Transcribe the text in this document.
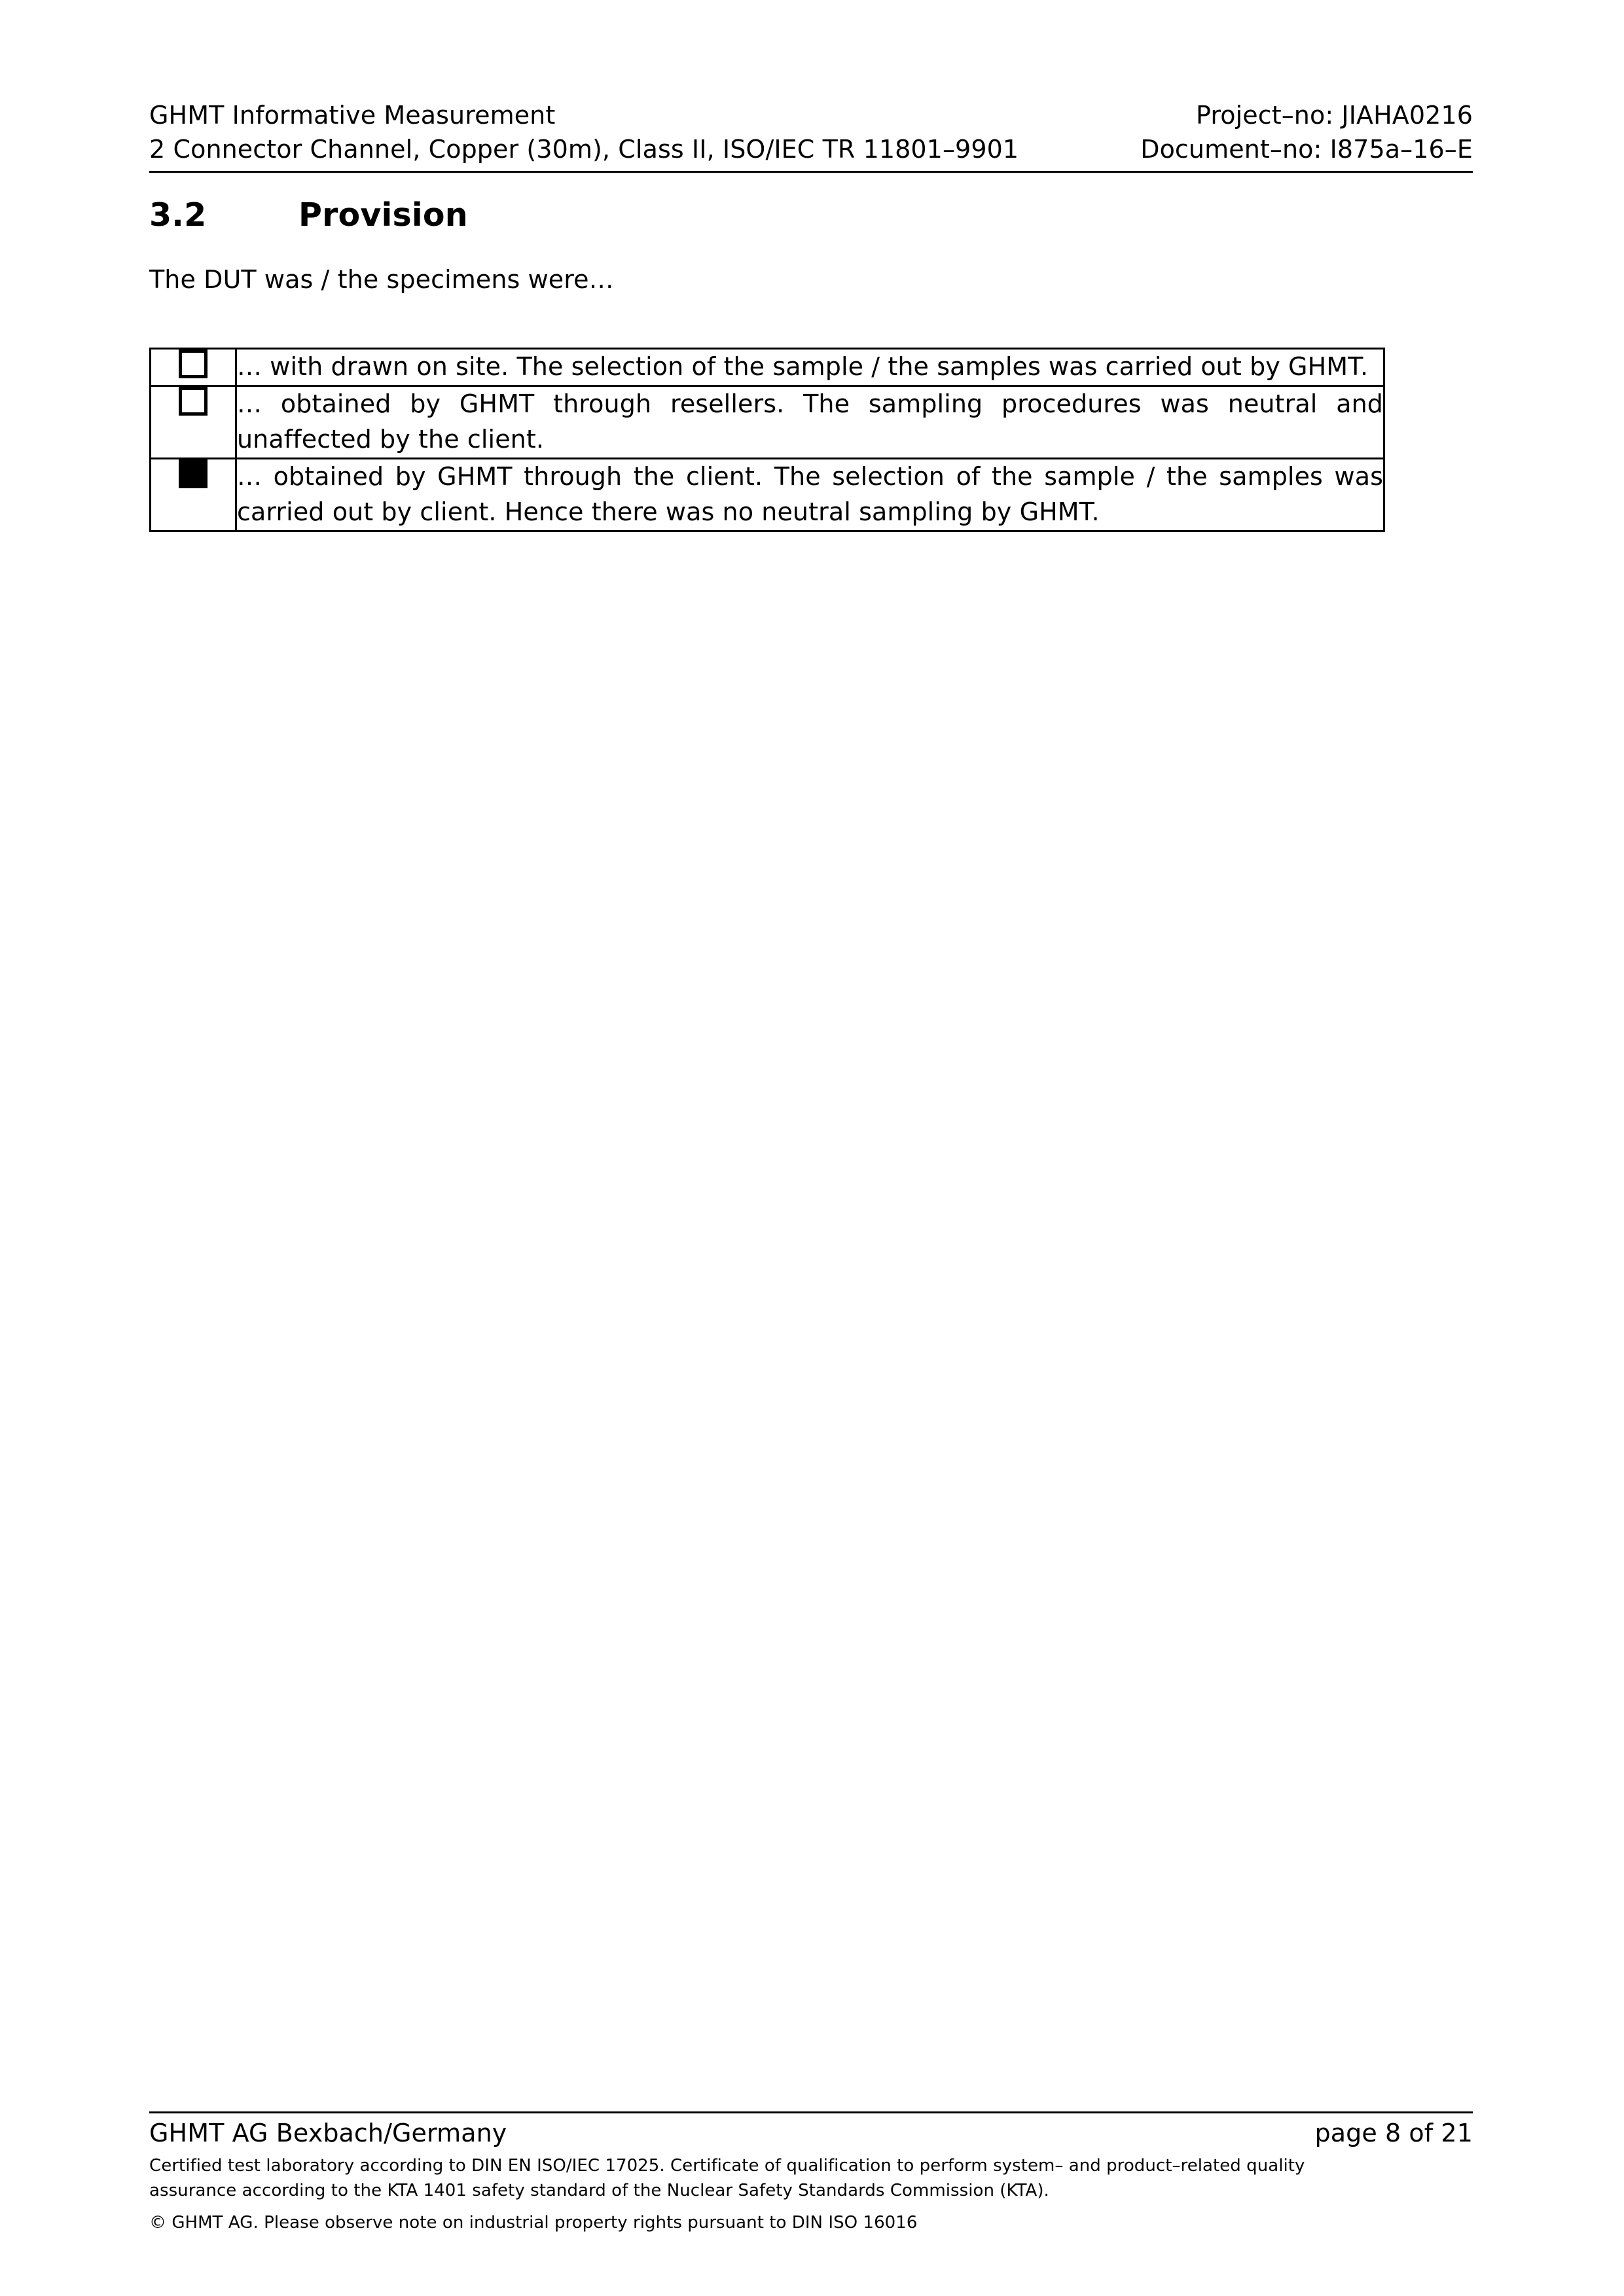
GHMT Informative Measurement	Project–no: JIAHA0216
2 Connector Channel, Copper (30m), Class II, ISO/IEC TR 11801–9901	Document–no: I875a–16–E
3.2	Provision
The DUT was / the specimens were…
	… with drawn on site. The selection of the sample / the samples was carried out by GHMT.
	… obtained by GHMT through resellers. The sampling procedures was neutral and unaffected by the client.
	… obtained by GHMT through the client. The selection of the sample / the samples was carried out by client. Hence there was no neutral sampling by GHMT.
GHMT AG Bexbach/Germany	page 8 of 21
Certified test laboratory according to DIN EN ISO/IEC 17025. Certificate of qualification to perform system– and product–related quality
assurance according to the KTA 1401 safety standard of the Nuclear Safety Standards Commission (KTA).
© GHMT AG. Please observe note on industrial property rights pursuant to DIN ISO 16016
